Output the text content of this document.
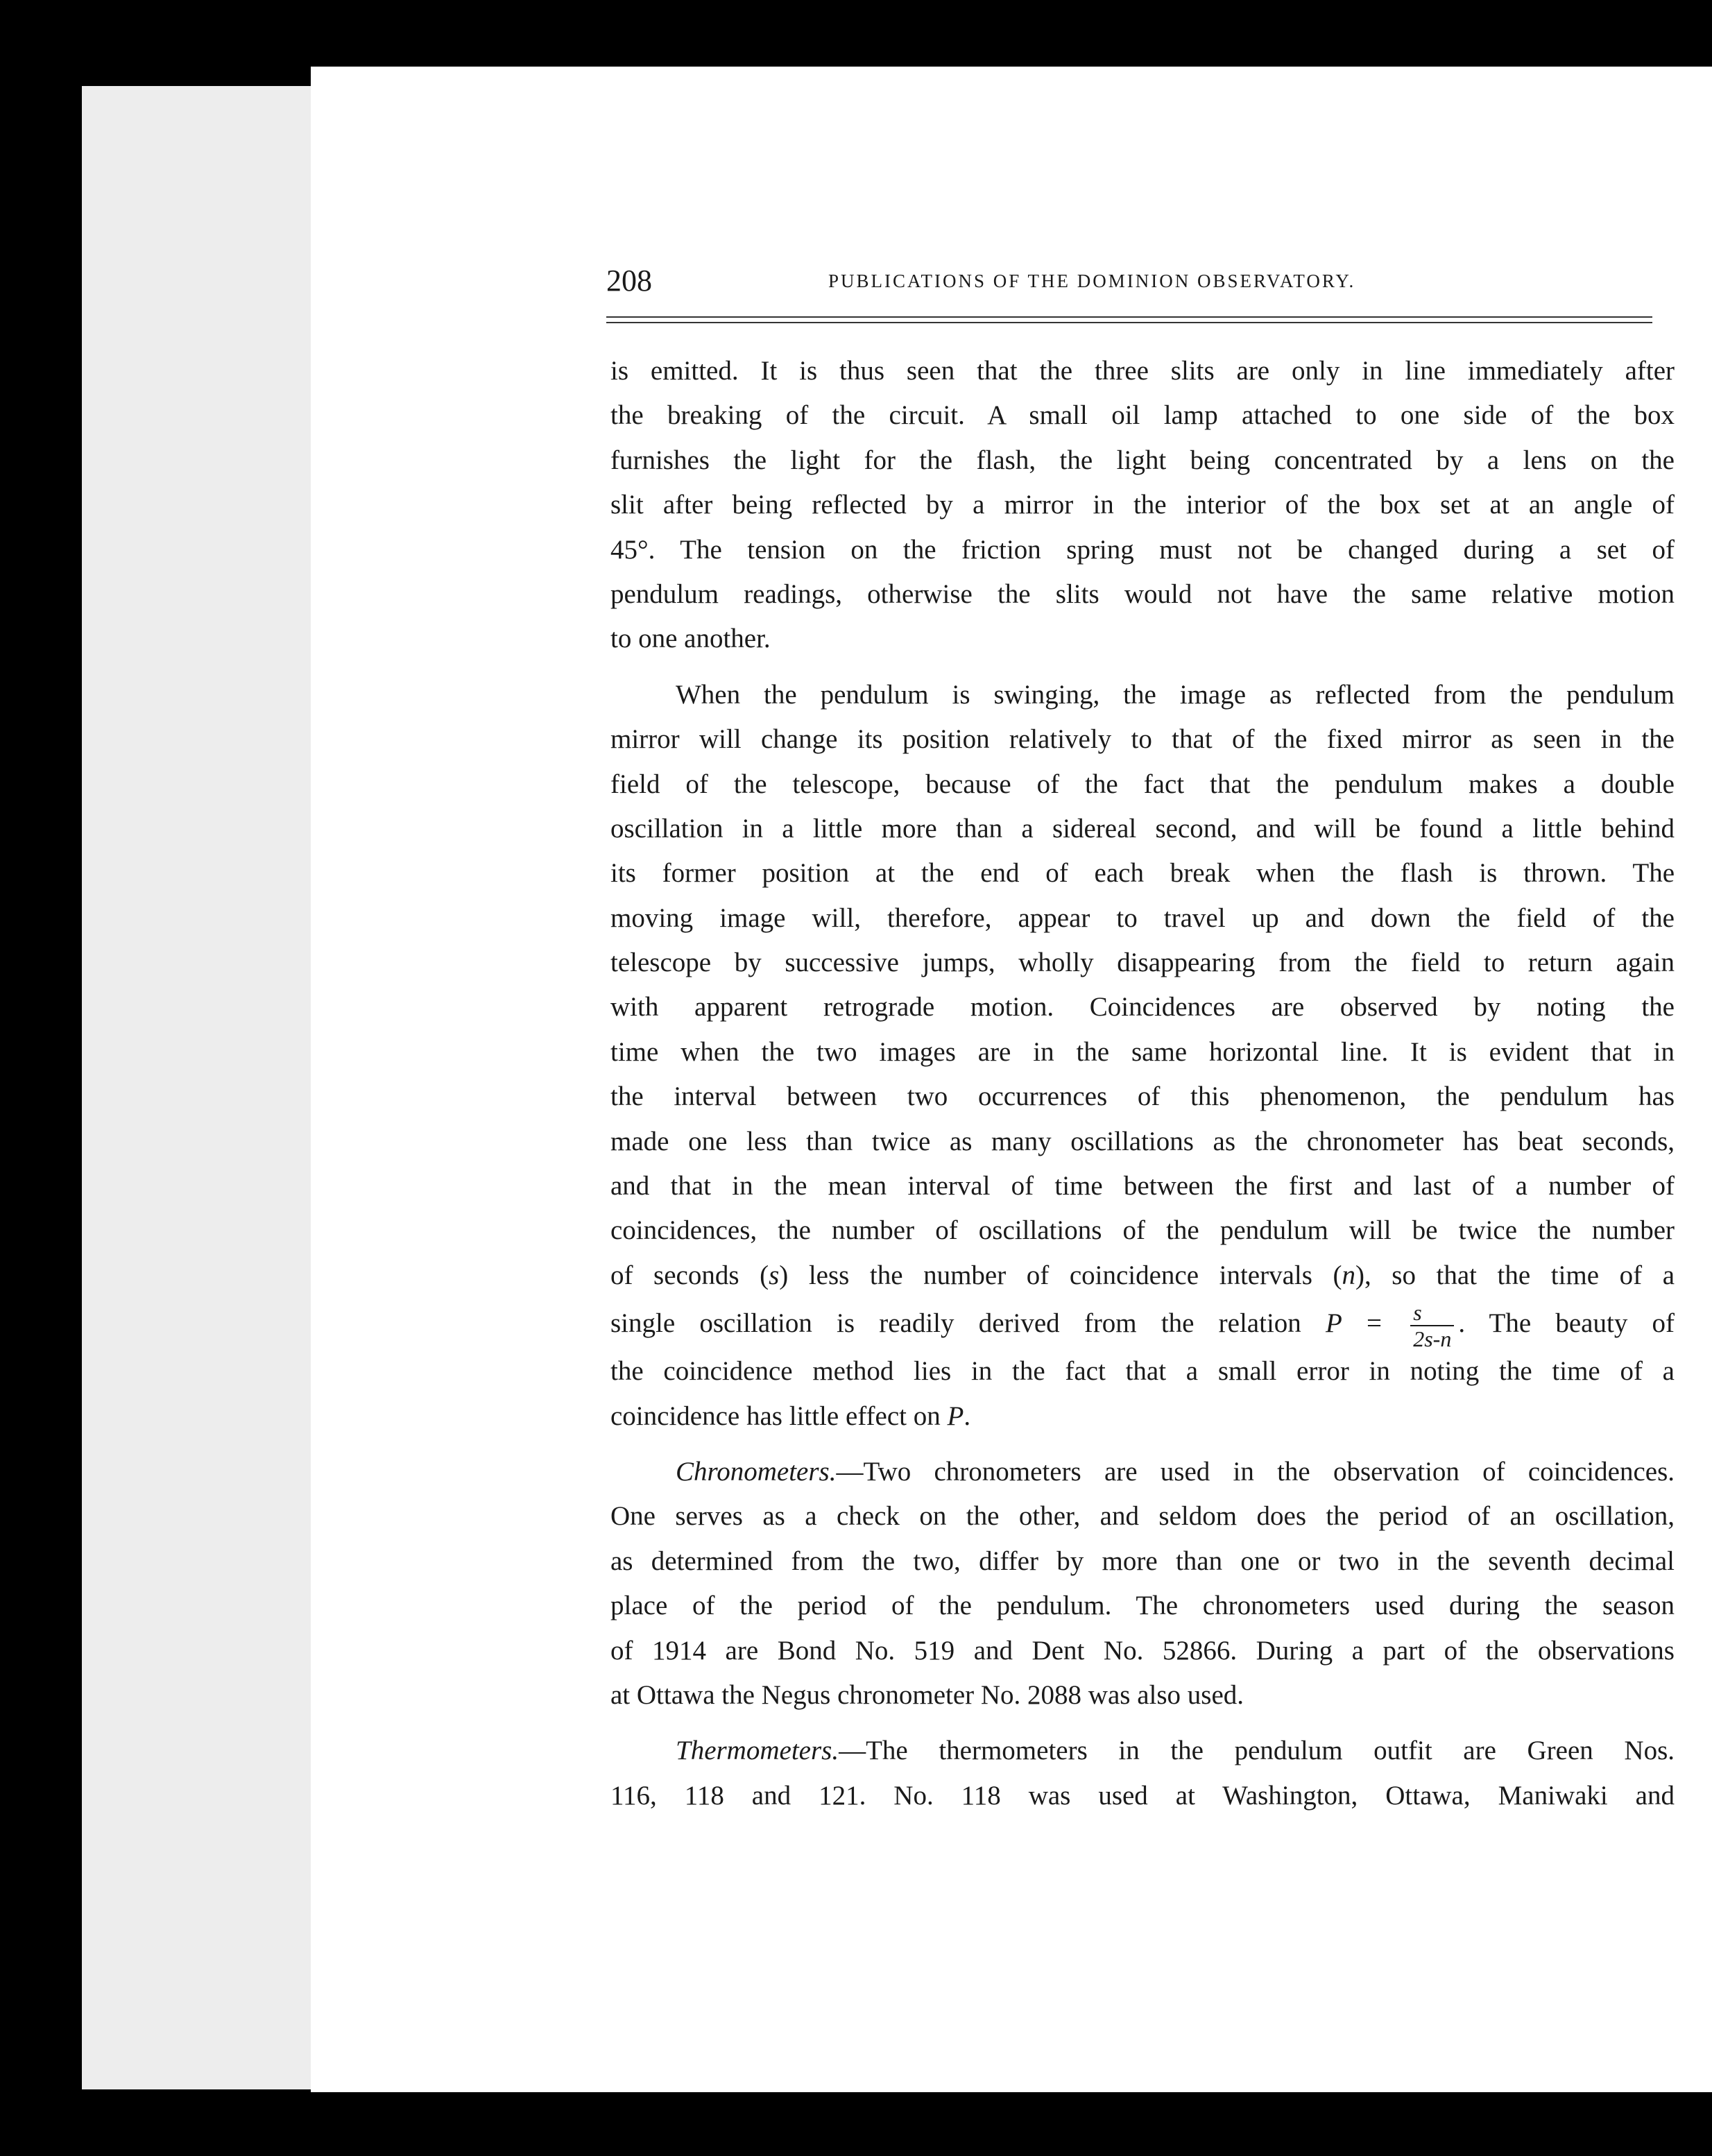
208	PUBLICATIONS OF THE DOMINION OBSERVATORY.
is emitted. It is thus seen that the three slits are only in line immediately after
the breaking of the circuit. A small oil lamp attached to one side of the box
furnishes the light for the flash, the light being concentrated by a lens on the
slit after being reflected by a mirror in the interior of the box set at an angle of
45°. The tension on the friction spring must not be changed during a set of
pendulum readings, otherwise the slits would not have the same relative motion
to one another.
When the pendulum is swinging, the image as reflected from the pendulum
mirror will change its position relatively to that of the fixed mirror as seen in the
field of the telescope, because of the fact that the pendulum makes a double
oscillation in a little more than a sidereal second, and will be found a little behind
its former position at the end of each break when the flash is thrown. The
moving image will, therefore, appear to travel up and down the field of the
telescope by successive jumps, wholly disappearing from the field to return again
with apparent retrograde motion. Coincidences are observed by noting the
time when the two images are in the same horizontal line. It is evident that in
the interval between two occurrences of this phenomenon, the pendulum has
made one less than twice as many oscillations as the chronometer has beat seconds,
and that in the mean interval of time between the first and last of a number of
coincidences, the number of oscillations of the pendulum will be twice the number
of seconds (s) less the number of coincidence intervals (n), so that the time of a
single oscillation is readily derived from the relation $P = \frac{s}{2s-n}$ . The beauty of
the coincidence method lies in the fact that a small error in noting the time of a
coincidence has little effect on P.
Chronometers.—Two chronometers are used in the observation of coincidences.
One serves as a check on the other, and seldom does the period of an oscillation,
as determined from the two, differ by more than one or two in the seventh decimal
place of the period of the pendulum. The chronometers used during the season
of 1914 are Bond No. 519 and Dent No. 52866. During a part of the observations
at Ottawa the Negus chronometer No. 2088 was also used.
Thermometers.—The thermometers in the pendulum outfit are Green Nos.
116, 118 and 121. No. 118 was used at Washington, Ottawa, Maniwaki and
